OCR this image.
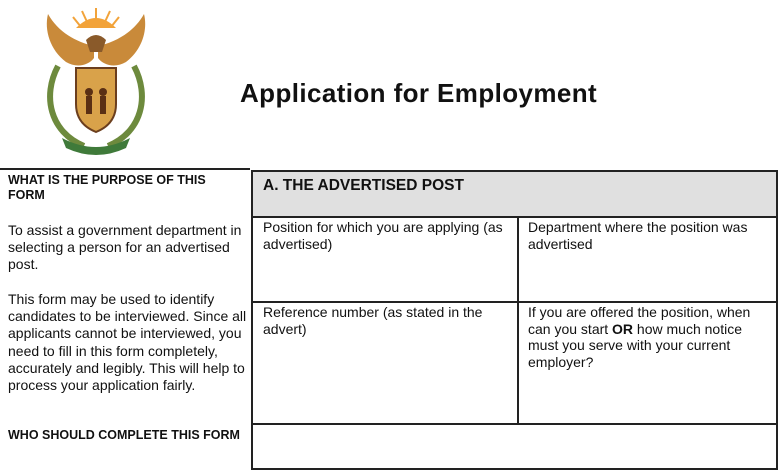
Application for Employment
WHAT IS THE PURPOSE OF THIS FORM
To assist a government department in selecting a person for an advertised post.
This form may be used to identify candidates to be interviewed. Since all applicants cannot be interviewed, you need to fill in this form completely, accurately and legibly. This will help to process your application fairly.
WHO SHOULD COMPLETE THIS FORM
A. THE ADVERTISED POST
Position for which you are applying (as advertised)
Department where the position was advertised
Reference number (as stated in the advert)
If you are offered the position, when can you start OR how much notice must you serve with your current employer?
